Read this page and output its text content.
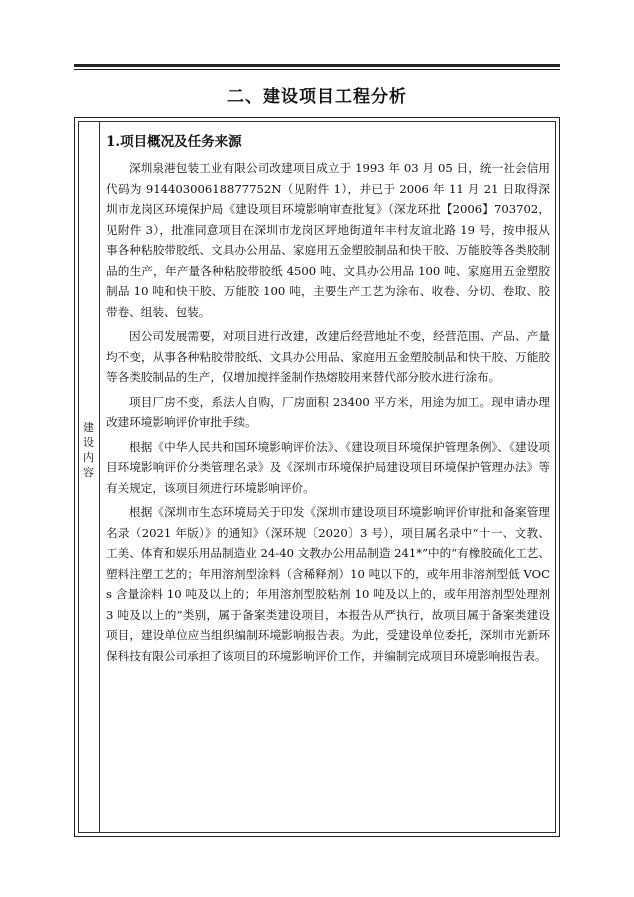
二、建设项目工程分析
建
设
内
容
1.项目概况及任务来源

深圳泉港包装工业有限公司改建项目成立于 1993 年 03 月 05 日，统一社会信用代码为 91440300618877752N（见附件 1），并已于 2006 年 11 月 21 日取得深圳市龙岗区环境保护局《建设项目环境影响审查批复》（深龙环批【2006】703702，见附件 3），批准同意项目在深圳市龙岗区坪地街道年丰村友谊北路 19 号，按申报从事各种粘胶带胶纸、文具办公用品、家庭用五金塑胶制品和快干胶、万能胶等各类胶制品的生产，年产量各种粘胶带胶纸 4500 吨、文具办公用品 100 吨、家庭用五金塑胶制品 10 吨和快干胶、万能胶 100 吨，主要生产工艺为涂布、收卷、分切、卷取、胶带卷、组装、包装。

因公司发展需要，对项目进行改建，改建后经营地址不变，经营范围、产品、产量均不变，从事各种粘胶带胶纸、文具办公用品、家庭用五金塑胶制品和快干胶、万能胶等各类胶制品的生产，仅增加搅拌釜制作热熔胶用来替代部分胶水进行涂布。

项目厂房不变，系法人自购，厂房面积 23400 平方米，用途为加工。现申请办理改建环境影响评价审批手续。

根据《中华人民共和国环境影响评价法》、《建设项目环境保护管理条例》、《建设项目环境影响评价分类管理名录》及《深圳市环境保护局建设项目环境保护管理办法》等有关规定，该项目须进行环境影响评价。

根据《深圳市生态环境局关于印发《深圳市建设项目环境影响评价审批和备案管理名录（2021 年版）》的通知》（深环规〔2020〕3 号），项目属名录中“十一、文教、工美、体育和娱乐用品制造业 24-40 文教办公用品制造 241*”中的“有橡胶硫化工艺、塑料注塑工艺的；年用溶剂型涂料（含稀释剂）10 吨以下的，或年用非溶剂型低 VOCs 含量涂料 10 吨及以上的；年用溶剂型胶粘剂 10 吨及以上的，或年用溶剂型处理剂 3 吨及以上的”类别，属于备案类建设项目，本报告从严执行，故项目属于备案类建设项目，建设单位应当组织编制环境影响报告表。为此，受建设单位委托，深圳市光新环保科技有限公司承担了该项目的环境影响评价工作，并编制完成项目环境影响报告表。
